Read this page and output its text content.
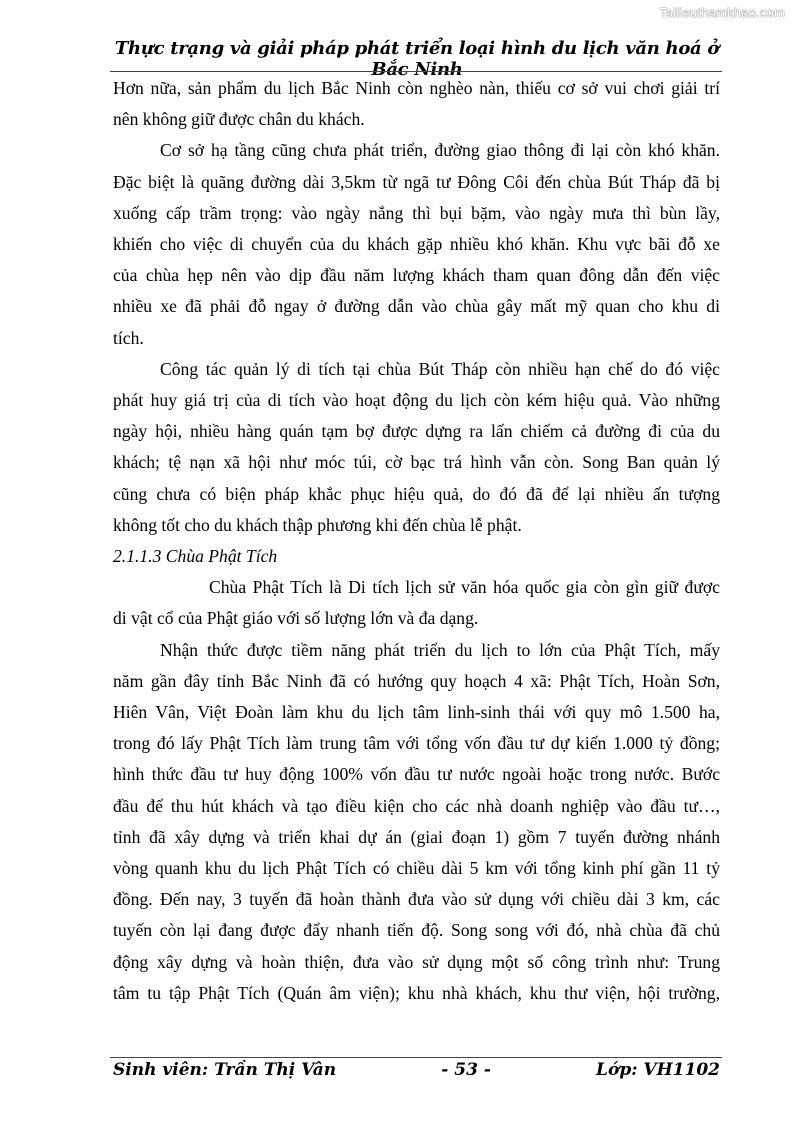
Tailieuthamkhao.com
Thực trạng và giải pháp phát triển loại hình du lịch văn hoá ở Bắc Ninh
Hơn nữa, sản phẩm du lịch Bắc Ninh còn nghèo nàn, thiếu cơ sở vui chơi giải trí
nên không giữ được chân du khách.
Cơ sở hạ tầng cũng chưa phát triển, đường giao thông đi lại còn khó khăn.
Đặc biệt là quãng đường dài 3,5km từ ngã tư Đông Côi đến chùa Bút Tháp đã bị
xuống cấp trầm trọng: vào ngày nắng thì bụi bặm, vào ngày mưa thì bùn lầy,
khiến cho việc di chuyển của du khách gặp nhiều khó khăn. Khu vực bãi đỗ xe
của chùa hẹp nên vào dịp đầu năm lượng khách tham quan đông dẫn đến việc
nhiều xe đã phải đỗ ngay ở đường dẫn vào chùa gây mất mỹ quan cho khu di
tích.
Công tác quản lý di tích tại chùa Bút Tháp còn nhiều hạn chế do đó việc
phát huy giá trị của di tích vào hoạt động du lịch còn kém hiệu quả. Vào những
ngày hội, nhiều hàng quán tạm bợ được dựng ra lấn chiếm cả đường đi của du
khách; tệ nạn xã hội như móc túi, cờ bạc trá hình vẫn còn. Song Ban quản lý
cũng chưa có biện pháp khắc phục hiệu quả, do đó đã để lại nhiều ấn tượng
không tốt cho du khách thập phương khi đến chùa lễ phật.
2.1.1.3 Chùa Phật Tích
Chùa Phật Tích là Di tích lịch sử văn hóa quốc gia còn gìn giữ được
di vật cổ của Phật giáo với số lượng lớn và đa dạng.
Nhận thức được tiềm năng phát triển du lịch to lớn của Phật Tích, mấy
năm gần đây tỉnh Bắc Ninh đã có hướng quy hoạch 4 xã: Phật Tích, Hoàn Sơn,
Hiên Vân, Việt Đoàn làm khu du lịch tâm linh-sinh thái với quy mô 1.500 ha,
trong đó lấy Phật Tích làm trung tâm với tổng vốn đầu tư dự kiến 1.000 tỷ đồng;
hình thức đầu tư huy động 100% vốn đầu tư nước ngoài hoặc trong nước. Bước
đầu để thu hút khách và tạo điều kiện cho các nhà doanh nghiệp vào đầu tư…,
tỉnh đã xây dựng và triển khai dự án (giai đoạn 1) gồm 7 tuyến đường nhánh
vòng quanh khu du lịch Phật Tích có chiều dài 5 km với tổng kinh phí gần 11 tỷ
đồng. Đến nay, 3 tuyến đã hoàn thành đưa vào sử dụng với chiều dài 3 km, các
tuyến còn lại đang được đẩy nhanh tiến độ. Song song với đó, nhà chùa đã chủ
động xây dựng và hoàn thiện, đưa vào sử dụng một số công trình như: Trung
tâm tu tập Phật Tích (Quán âm viện); khu nhà khách, khu thư viện, hội trường,
Sinh viên: Trần Thị Vân	- 53 -	Lớp: VH1102
